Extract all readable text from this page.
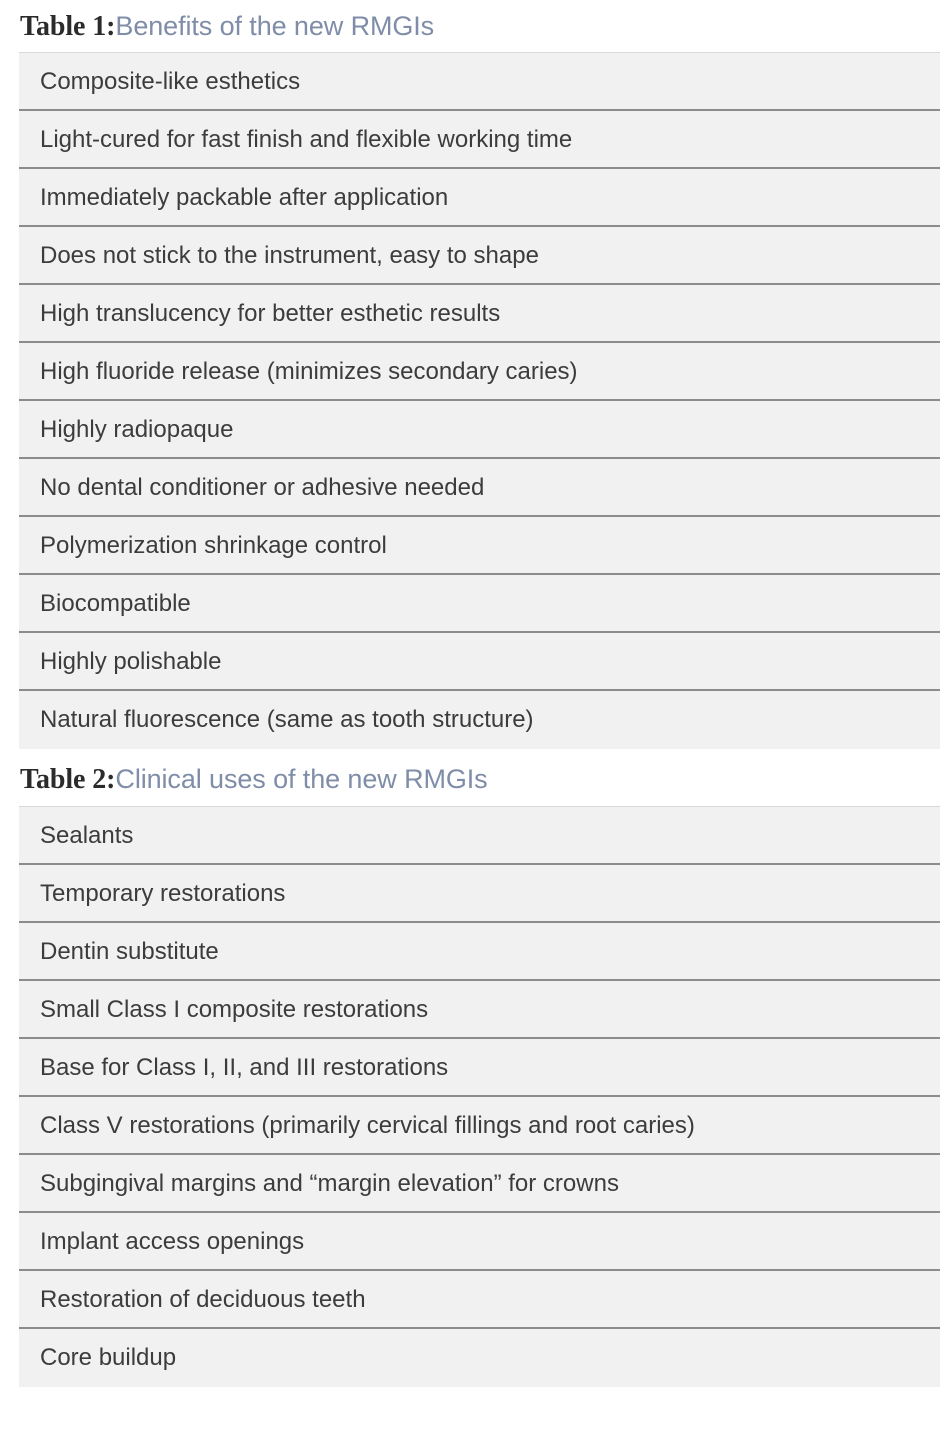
Table 1:Benefits of the new RMGIs
Composite-like esthetics
Light-cured for fast finish and flexible working time
Immediately packable after application
Does not stick to the instrument, easy to shape
High translucency for better esthetic results
High fluoride release (minimizes secondary caries)
Highly radiopaque
No dental conditioner or adhesive needed
Polymerization shrinkage control
Biocompatible
Highly polishable
Natural fluorescence (same as tooth structure)
Table 2:Clinical uses of the new RMGIs
Sealants
Temporary restorations
Dentin substitute
Small Class I composite restorations
Base for Class I, II, and III restorations
Class V restorations (primarily cervical fillings and root caries)
Subgingival margins and “margin elevation” for crowns
Implant access openings
Restoration of deciduous teeth
Core buildup
